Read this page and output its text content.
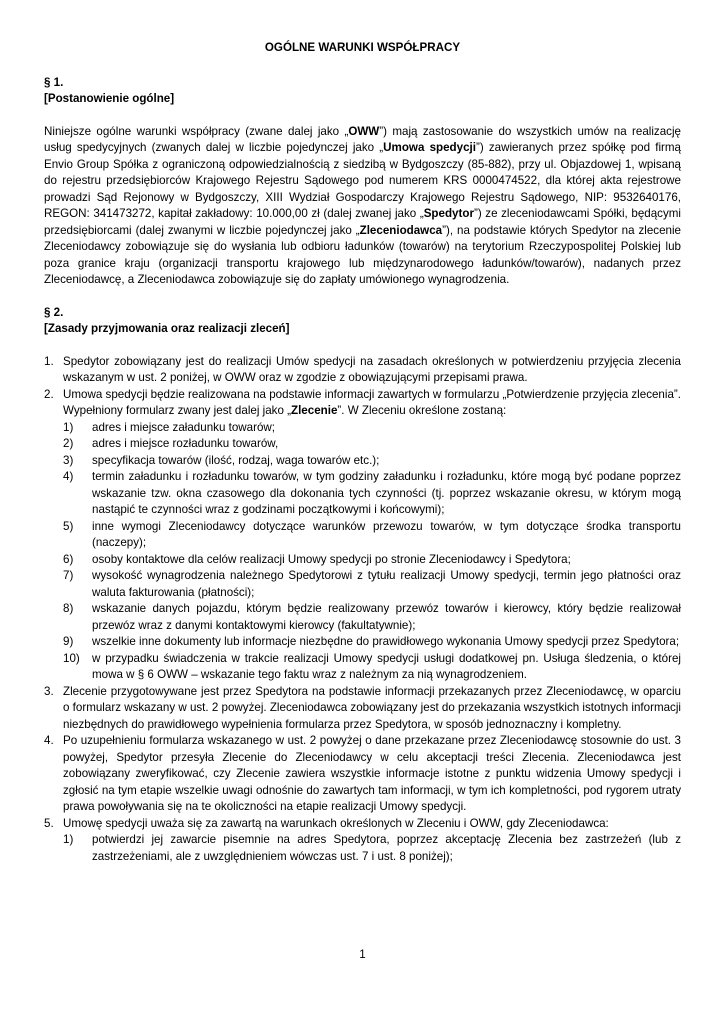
OGÓLNE WARUNKI WSPÓŁPRACY
§ 1.
[Postanowienie ogólne]

Niniejsze ogólne warunki współpracy (zwane dalej jako „OWW”) mają zastosowanie do wszystkich umów na realizację usług spedycyjnych (zwanych dalej w liczbie pojedynczej jako „Umowa spedycji”) zawieranych przez spółkę pod firmą Envio Group Spółka z ograniczoną odpowiedzialnością z siedzibą w Bydgoszczy (85-882), przy ul. Objazdowej 1, wpisaną do rejestru przedsiębiorców Krajowego Rejestru Sądowego pod numerem KRS 0000474522, dla której akta rejestrowe prowadzi Sąd Rejonowy w Bydgoszczy, XIII Wydział Gospodarczy Krajowego Rejestru Sądowego, NIP: 9532640176, REGON: 341473272, kapitał zakładowy: 10.000,00 zł (dalej zwanej jako „Spedytor”) ze zleceniodawcami Spółki, będącymi przedsiębiorcami (dalej zwanymi w liczbie pojedynczej jako „Zleceniodawca”), na podstawie których Spedytor na zlecenie Zleceniodawcy zobowiązuje się do wysłania lub odbioru ładunków (towarów) na terytorium Rzeczypospolitej Polskiej lub poza granice kraju (organizacji transportu krajowego lub międzynarodowego ładunków/towarów), nadanych przez Zleceniodawcę, a Zleceniodawca zobowiązuje się do zapłaty umówionego wynagrodzenia.

§ 2.
[Zasady przyjmowania oraz realizacji zleceń]
1. Spedytor zobowiązany jest do realizacji Umów spedycji na zasadach określonych w potwierdzeniu przyjęcia zlecenia wskazanym w ust. 2 poniżej, w OWW oraz w zgodzie z obowiązującymi przepisami prawa.
2. Umowa spedycji będzie realizowana na podstawie informacji zawartych w formularzu „Potwierdzenie przyjęcia zlecenia”. Wypełniony formularz zwany jest dalej jako „Zlecenie”. W Zleceniu określone zostaną:
1)	adres i miejsce załadunku towarów;
2)	adres i miejsce rozładunku towarów,
3)	specyfikacja towarów (ilość, rodzaj, waga towarów etc.);
4)	termin załadunku i rozładunku towarów, w tym godziny załadunku i rozładunku, które mogą być podane poprzez wskazanie tzw. okna czasowego dla dokonania tych czynności (tj. poprzez wskazanie okresu, w którym mogą nastąpić te czynności wraz z godzinami początkowymi i końcowymi);
5)	inne wymogi Zleceniodawcy dotyczące warunków przewozu towarów, w tym dotyczące środka transportu (naczepy);
6)	osoby kontaktowe dla celów realizacji Umowy spedycji po stronie Zleceniodawcy i Spedytora;
7)	wysokość wynagrodzenia należnego Spedytorowi z tytułu realizacji Umowy spedycji, termin jego płatności oraz waluta fakturowania (płatności);
8)	wskazanie danych pojazdu, którym będzie realizowany przewóz towarów i kierowcy, który będzie realizował przewóz wraz z danymi kontaktowymi kierowcy (fakultatywnie);
9)	wszelkie inne dokumenty lub informacje niezbędne do prawidłowego wykonania Umowy spedycji przez Spedytora;
10)	w przypadku świadczenia w trakcie realizacji Umowy spedycji usługi dodatkowej pn. Usługa śledzenia, o której mowa w § 6 OWW – wskazanie tego faktu wraz z należnym za nią wynagrodzeniem.
3. Zlecenie przygotowywane jest przez Spedytora na podstawie informacji przekazanych przez Zleceniodawcę, w oparciu o formularz wskazany w ust. 2 powyżej. Zleceniodawca zobowiązany jest do przekazania wszystkich istotnych informacji niezbędnych do prawidłowego wypełnienia formularza przez Spedytora, w sposób jednoznaczny i kompletny.
4. Po uzupełnieniu formularza wskazanego w ust. 2 powyżej o dane przekazane przez Zleceniodawcę stosownie do ust. 3 powyżej, Spedytor przesyła Zlecenie do Zleceniodawcy w celu akceptacji treści Zlecenia. Zleceniodawca jest zobowiązany zweryfikować, czy Zlecenie zawiera wszystkie informacje istotne z punktu widzenia Umowy spedycji i zgłosić na tym etapie wszelkie uwagi odnośnie do zawartych tam informacji, w tym ich kompletności, pod rygorem utraty prawa powoływania się na te okoliczności na etapie realizacji Umowy spedycji.
5. Umowę spedycji uważa się za zawartą na warunkach określonych w Zleceniu i OWW, gdy Zleceniodawca:
1)	potwierdzi jej zawarcie pisemnie na adres Spedytora, poprzez akceptację Zlecenia bez zastrzeżeń (lub z zastrzeżeniami, ale z uwzględnieniem wówczas ust. 7 i ust. 8 poniżej);
1
